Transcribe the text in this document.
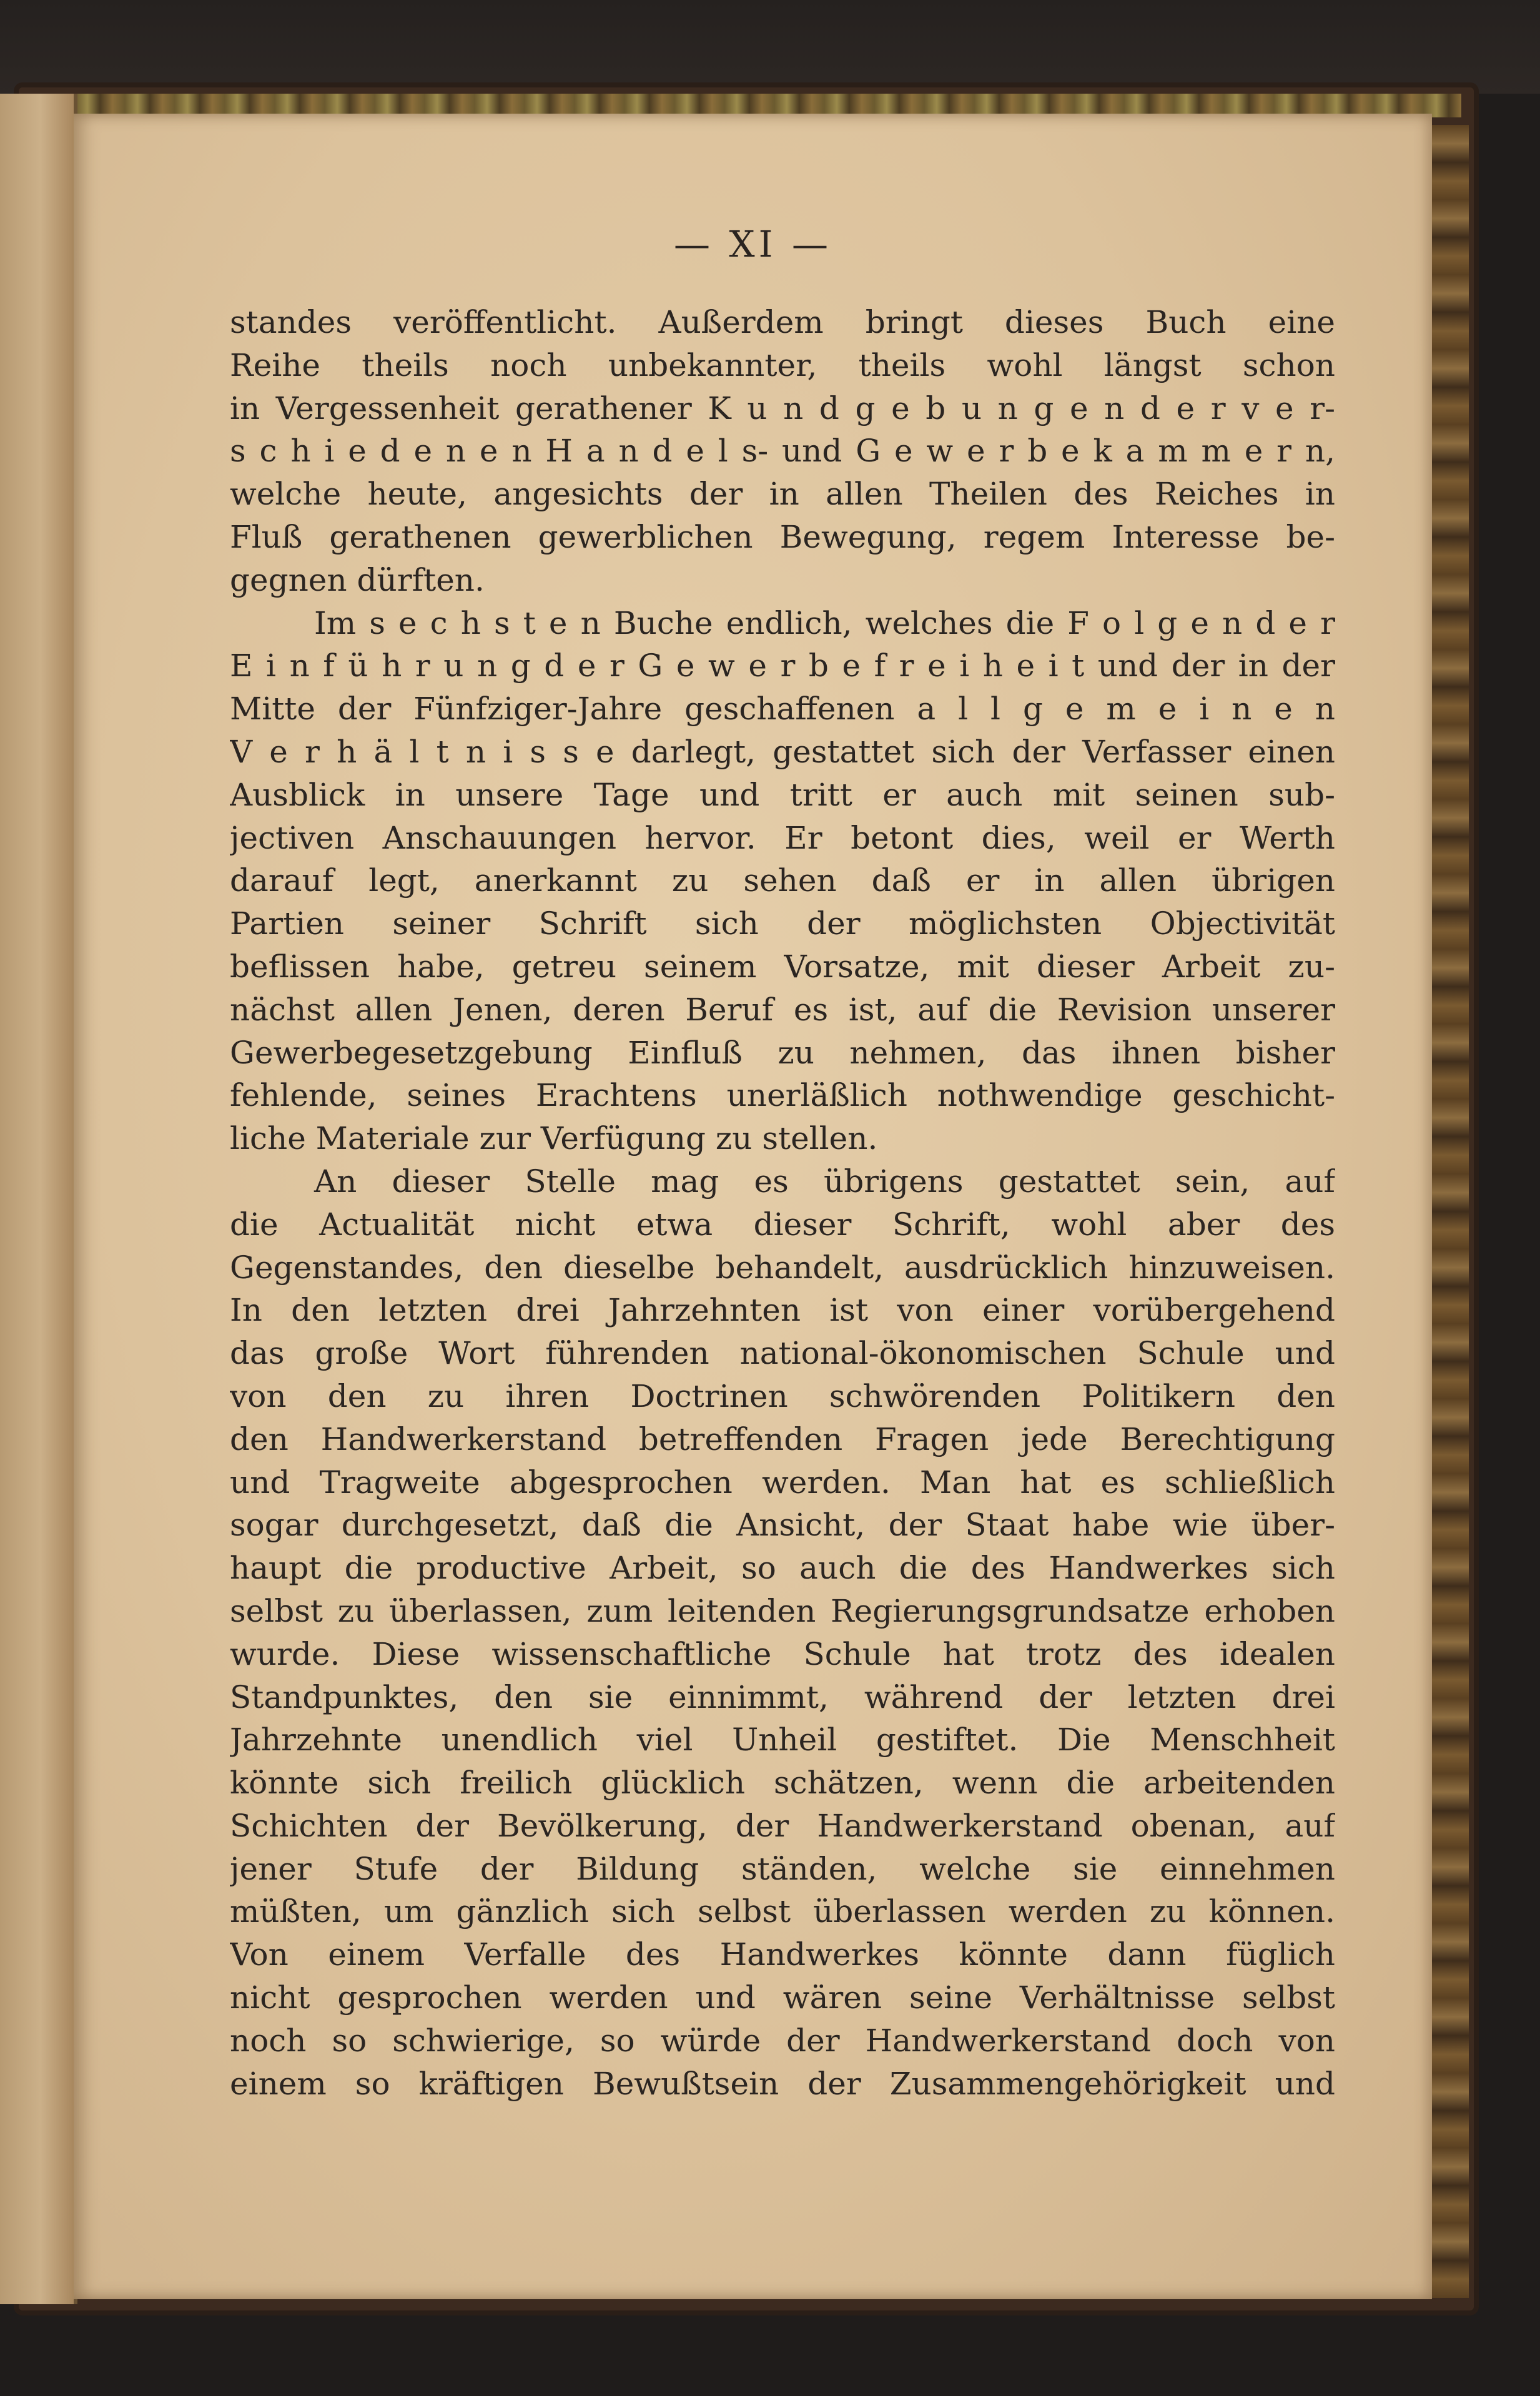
— XI —
standes veröffentlicht. Außerdem bringt dieses Buch eine
Reihe theils noch unbekannter, theils wohl längst schon
in Vergessenheit gerathener K u n d g e b u n g e n d e r v e r-
s c h i e d e n e n H a n d e l s- und G e w e r b e k a m m e r n,
welche heute, angesichts der in allen Theilen des Reiches in
Fluß gerathenen gewerblichen Bewegung, regem Interesse be-
gegnen dürften.
Im s e c h s t e n Buche endlich, welches die F o l g e n d e r
E i n f ü h r u n g d e r G e w e r b e f r e i h e i t und der in der
Mitte der Fünfziger-Jahre geschaffenen a l l g e m e i n e n
V e r h ä l t n i s s e darlegt, gestattet sich der Verfasser einen
Ausblick in unsere Tage und tritt er auch mit seinen sub-
jectiven Anschauungen hervor. Er betont dies, weil er Werth
darauf legt, anerkannt zu sehen daß er in allen übrigen
Partien seiner Schrift sich der möglichsten Objectivität
beflissen habe, getreu seinem Vorsatze, mit dieser Arbeit zu-
nächst allen Jenen, deren Beruf es ist, auf die Revision unserer
Gewerbegesetzgebung Einfluß zu nehmen, das ihnen bisher
fehlende, seines Erachtens unerläßlich nothwendige geschicht-
liche Materiale zur Verfügung zu stellen.
An dieser Stelle mag es übrigens gestattet sein, auf
die Actualität nicht etwa dieser Schrift, wohl aber des
Gegenstandes, den dieselbe behandelt, ausdrücklich hinzuweisen.
In den letzten drei Jahrzehnten ist von einer vorübergehend
das große Wort führenden national-ökonomischen Schule und
von den zu ihren Doctrinen schwörenden Politikern den
den Handwerkerstand betreffenden Fragen jede Berechtigung
und Tragweite abgesprochen werden. Man hat es schließlich
sogar durchgesetzt, daß die Ansicht, der Staat habe wie über-
haupt die productive Arbeit, so auch die des Handwerkes sich
selbst zu überlassen, zum leitenden Regierungsgrundsatze erhoben
wurde. Diese wissenschaftliche Schule hat trotz des idealen
Standpunktes, den sie einnimmt, während der letzten drei
Jahrzehnte unendlich viel Unheil gestiftet. Die Menschheit
könnte sich freilich glücklich schätzen, wenn die arbeitenden
Schichten der Bevölkerung, der Handwerkerstand obenan, auf
jener Stufe der Bildung ständen, welche sie einnehmen
müßten, um gänzlich sich selbst überlassen werden zu können.
Von einem Verfalle des Handwerkes könnte dann füglich
nicht gesprochen werden und wären seine Verhältnisse selbst
noch so schwierige, so würde der Handwerkerstand doch von
einem so kräftigen Bewußtsein der Zusammengehörigkeit und
